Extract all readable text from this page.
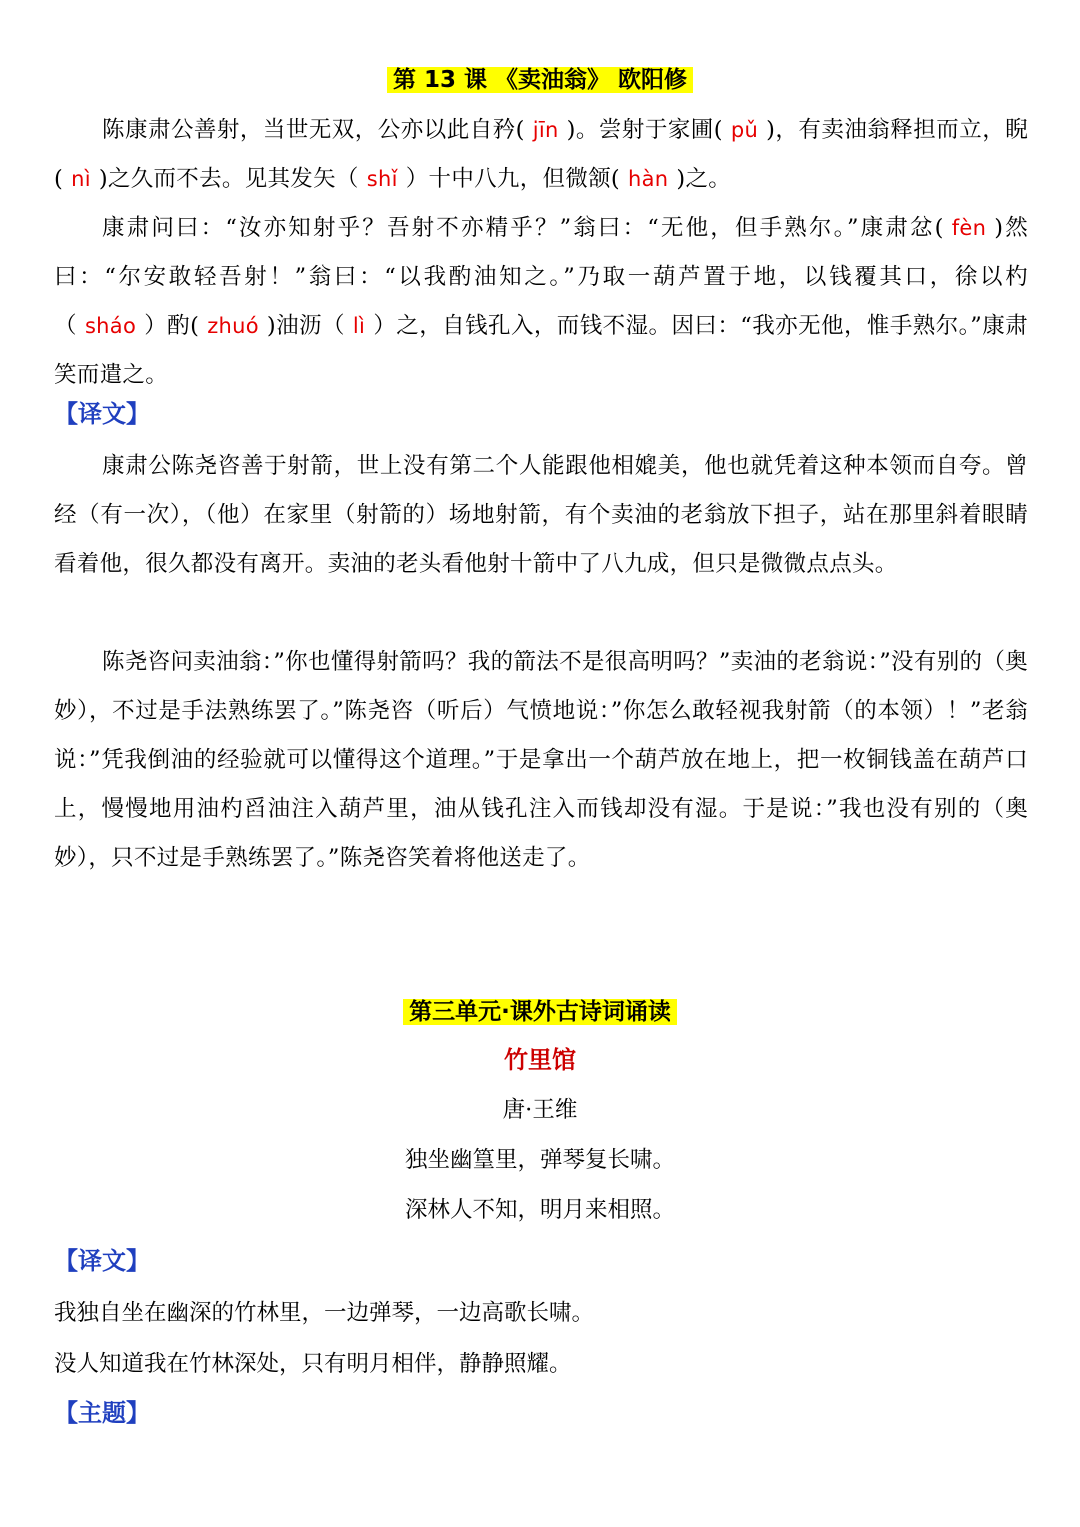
第 13 课 《卖油翁》 欧阳修
陈康肃公善射，当世无双，公亦以此自矜( jīn )。尝射于家圃( pǔ )，有卖油翁释担而立，睨( nì )之久而不去。见其发矢（ shǐ ）十中八九，但微颔( hàn )之。
康肃问曰：“汝亦知射乎？吾射不亦精乎？”翁曰：“无他，但手熟尔。”康肃忿( fèn )然曰：“尔安敢轻吾射！”翁曰：“以我酌油知之。”乃取一葫芦置于地，以钱覆其口，徐以杓（ sháo ）酌( zhuó )油沥（ lì ）之，自钱孔入，而钱不湿。因曰：“我亦无他，惟手熟尔。”康肃笑而遣之。
【译文】
康肃公陈尧咨善于射箭，世上没有第二个人能跟他相媲美，他也就凭着这种本领而自夸。曾经（有一次），（他）在家里（射箭的）场地射箭，有个卖油的老翁放下担子，站在那里斜着眼睛看着他，很久都没有离开。卖油的老头看他射十箭中了八九成，但只是微微点点头。
陈尧咨问卖油翁：”你也懂得射箭吗？我的箭法不是很高明吗？”卖油的老翁说：”没有别的（奥妙），不过是手法熟练罢了。”陈尧咨（听后）气愤地说：”你怎么敢轻视我射箭（的本领）！”老翁说：”凭我倒油的经验就可以懂得这个道理。”于是拿出一个葫芦放在地上，把一枚铜钱盖在葫芦口上，慢慢地用油杓舀油注入葫芦里，油从钱孔注入而钱却没有湿。于是说：”我也没有别的（奥妙），只不过是手熟练罢了。”陈尧咨笑着将他送走了。
第三单元·课外古诗词诵读
竹里馆
唐·王维
独坐幽篁里，弹琴复长啸。
深林人不知，明月来相照。
【译文】
我独自坐在幽深的竹林里，一边弹琴，一边高歌长啸。
没人知道我在竹林深处，只有明月相伴，静静照耀。
【主题】
